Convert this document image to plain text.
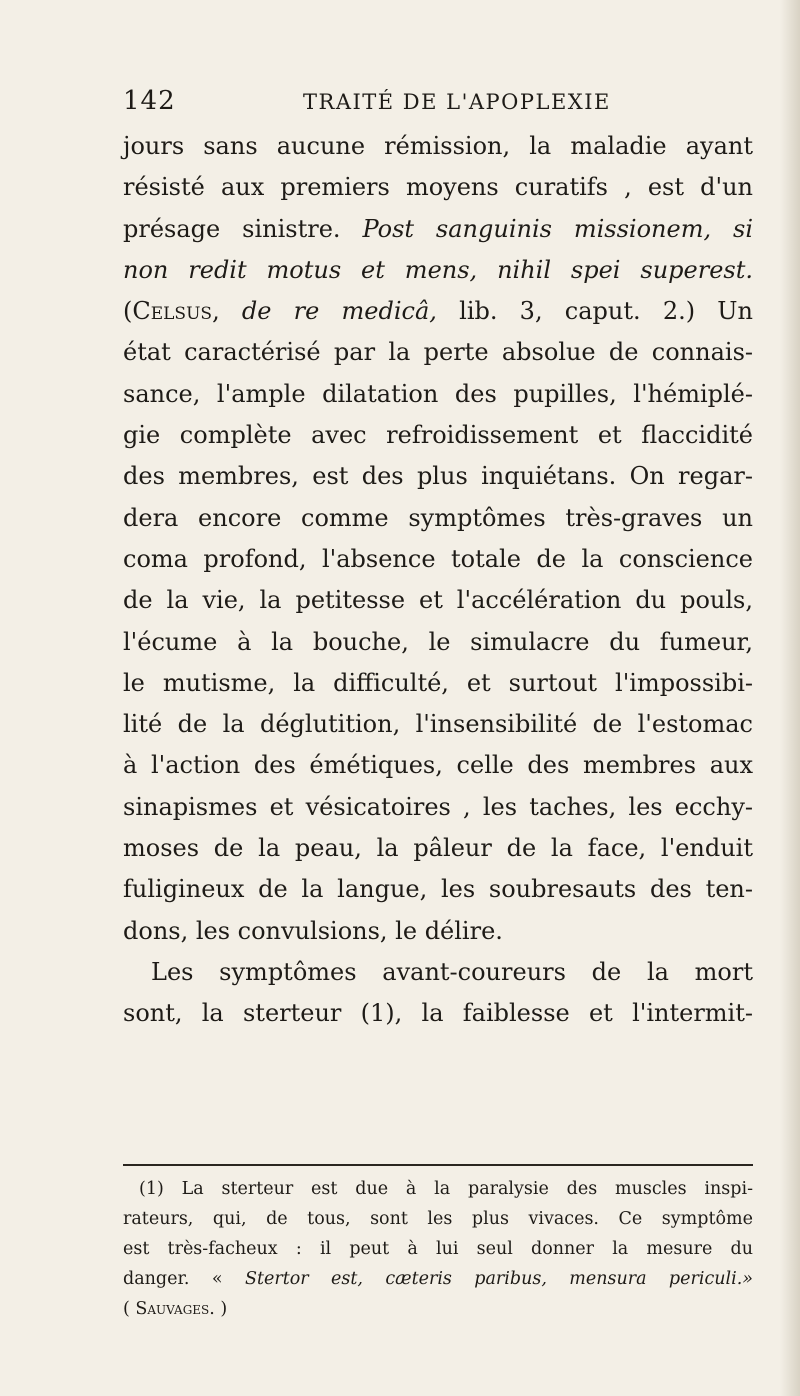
142	TRAITÉ DE L'APOPLEXIE
jours sans aucune rémission, la maladie ayant
résisté aux premiers moyens curatifs , est d'un
présage sinistre. Post sanguinis missionem, si
non redit motus et mens, nihil spei superest.
(Celsus, de re medicâ, lib. 3, caput. 2.) Un
état caractérisé par la perte absolue de connais-
sance, l'ample dilatation des pupilles, l'hémiplé-
gie complète avec refroidissement et flaccidité
des membres, est des plus inquiétans. On regar-
dera encore comme symptômes très-graves un
coma profond, l'absence totale de la conscience
de la vie, la petitesse et l'accélération du pouls,
l'écume à la bouche, le simulacre du fumeur,
le mutisme, la difficulté, et surtout l'impossibi-
lité de la déglutition, l'insensibilité de l'estomac
à l'action des émétiques, celle des membres aux
sinapismes et vésicatoires , les taches, les ecchy-
moses de la peau, la pâleur de la face, l'enduit
fuligineux de la langue, les soubresauts des ten-
dons, les convulsions, le délire.
Les symptômes avant-coureurs de la mort
sont, la sterteur (1), la faiblesse et l'intermit-
(1) La sterteur est due à la paralysie des muscles inspi-
rateurs, qui, de tous, sont les plus vivaces. Ce symptôme
est très-facheux : il peut à lui seul donner la mesure du
danger. « Stertor est, cæteris paribus, mensura periculi.»
( Sauvages. )
